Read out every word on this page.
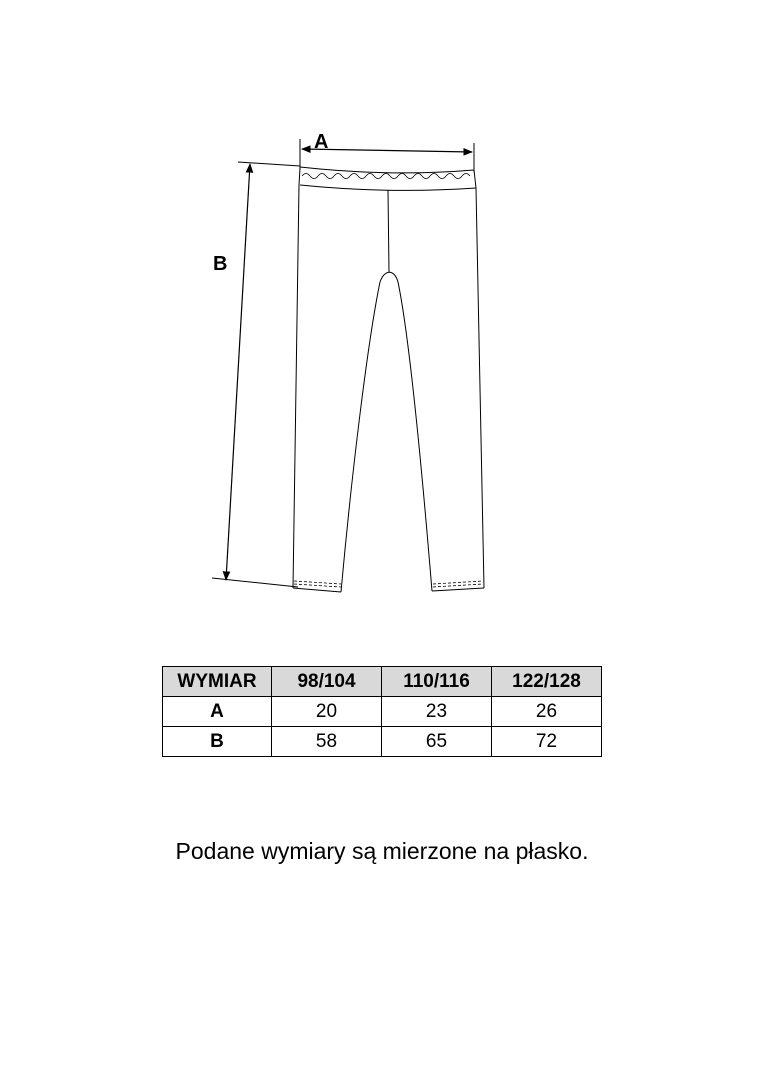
A
B
WYMIAR	98/104	110/116	122/128
A	20	23	26
B	58	65	72
Podane wymiary są mierzone na płasko.
